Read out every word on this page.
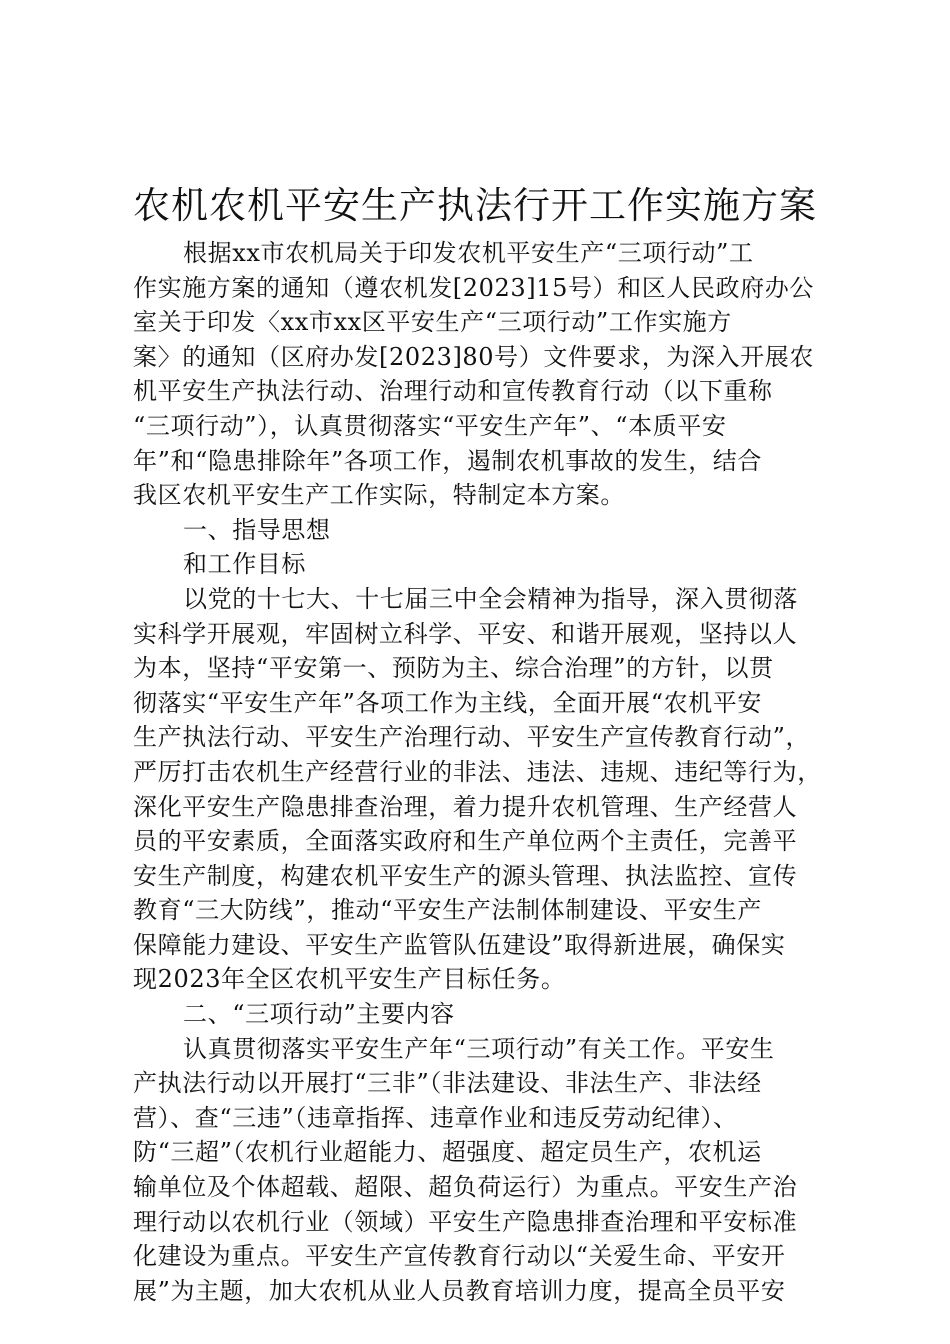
农机农机平安生产执法行开工作实施方案
根据xx市农机局关于印发农机平安生产“三项行动”工
作实施方案的通知（遵农机发[2023]15号）和区人民政府办公
室关于印发〈xx市xx区平安生产“三项行动”工作实施方
案〉的通知（区府办发[2023]80号）文件要求，为深入开展农
机平安生产执法行动、治理行动和宣传教育行动（以下重称
“三项行动”），认真贯彻落实“平安生产年”、“本质平安
年”和“隐患排除年”各项工作，遏制农机事故的发生，结合
我区农机平安生产工作实际，特制定本方案。
一、指导思想
和工作目标
以党的十七大、十七届三中全会精神为指导，深入贯彻落
实科学开展观，牢固树立科学、平安、和谐开展观，坚持以人
为本，坚持“平安第一、预防为主、综合治理”的方针，以贯
彻落实“平安生产年”各项工作为主线，全面开展“农机平安
生产执法行动、平安生产治理行动、平安生产宣传教育行动”，
严厉打击农机生产经营行业的非法、违法、违规、违纪等行为，
深化平安生产隐患排查治理，着力提升农机管理、生产经营人
员的平安素质，全面落实政府和生产单位两个主责任，完善平
安生产制度，构建农机平安生产的源头管理、执法监控、宣传
教育“三大防线”，推动“平安生产法制体制建设、平安生产
保障能力建设、平安生产监管队伍建设”取得新进展，确保实
现2023年全区农机平安生产目标任务。
二、“三项行动”主要内容
认真贯彻落实平安生产年“三项行动”有关工作。平安生
产执法行动以开展打“三非”（非法建设、非法生产、非法经
营）、查“三违”（违章指挥、违章作业和违反劳动纪律）、
防“三超”（农机行业超能力、超强度、超定员生产，农机运
输单位及个体超载、超限、超负荷运行）为重点。平安生产治
理行动以农机行业（领域）平安生产隐患排查治理和平安标准
化建设为重点。平安生产宣传教育行动以“关爱生命、平安开
展”为主题，加大农机从业人员教育培训力度，提高全员平安
